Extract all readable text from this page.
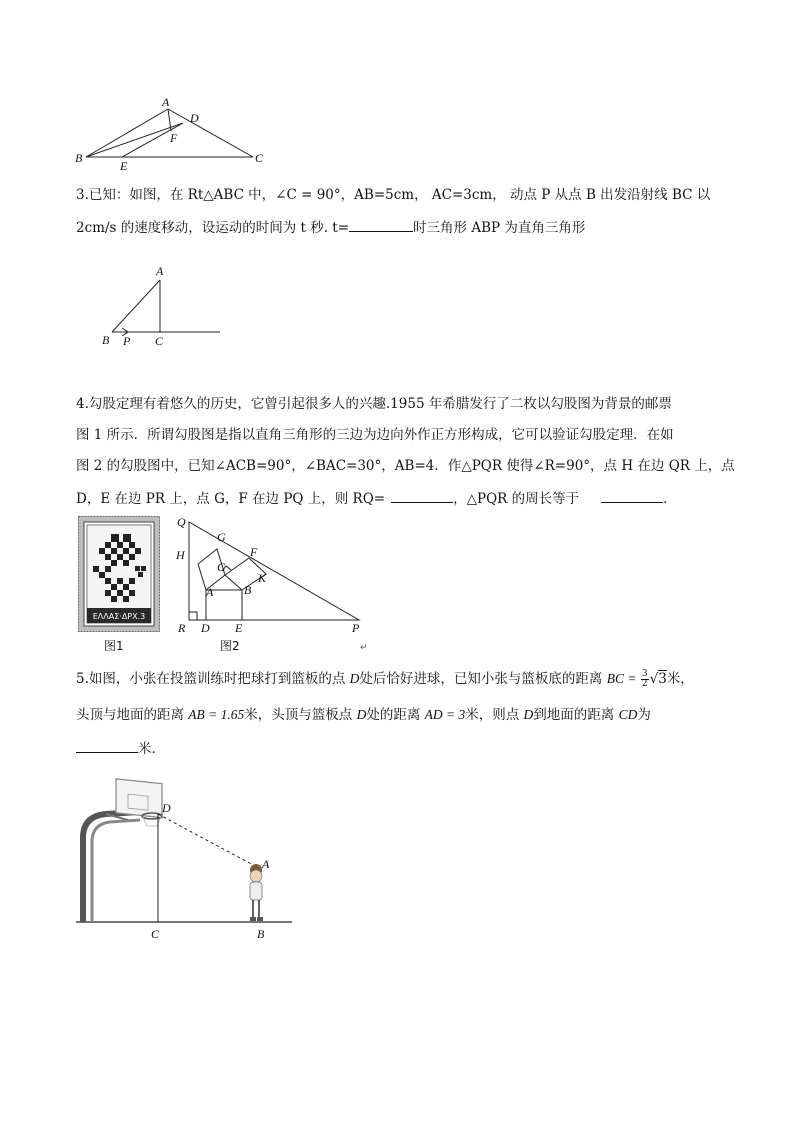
A
D
F
B
E
C
3.已知：如图，在 Rt△ABC 中，∠C = 90°，AB=5cm， AC=3cm， 动点 P 从点 B 出发沿射线 BC 以
2cm/s 的速度移动，设运动的时间为 t 秒. t=	时三角形 ABP 为直角三角形
A
B P C
4.勾股定理有着悠久的历史，它曾引起很多人的兴趣.1955 年希腊发行了二枚以勾股图为背景的邮票
图 1 所示．所谓勾股图是指以直角三角形的三边为边向外作正方形构成，它可以验证勾股定理．在如
图 2 的勾股图中，已知∠ACB=90°，∠BAC=30°，AB=4．作△PQR 使得∠R=90°，点 H 在边 QR 上，点
D，E 在边 PR 上，点 G，F 在边 PQ 上，则 RQ=	，△PQR 的周长等于	．
ΕΛΛΑΣ·ΔΡΧ.3
图1
Q
G
H	F
C
K
A	B
R D E	P
图2	↵
5.如图，小张在投篮训练时把球打到篮板的点 D处后恰好进球，已知小张与篮板底的距离 BC = $\frac{3}{2} √3$米，
头顶与地面的距离 AB = 1.65米，头顶与篮板点 D处的距离 AD = 3米，则点 D到地面的距离 CD为
米．
D
A
C	B
